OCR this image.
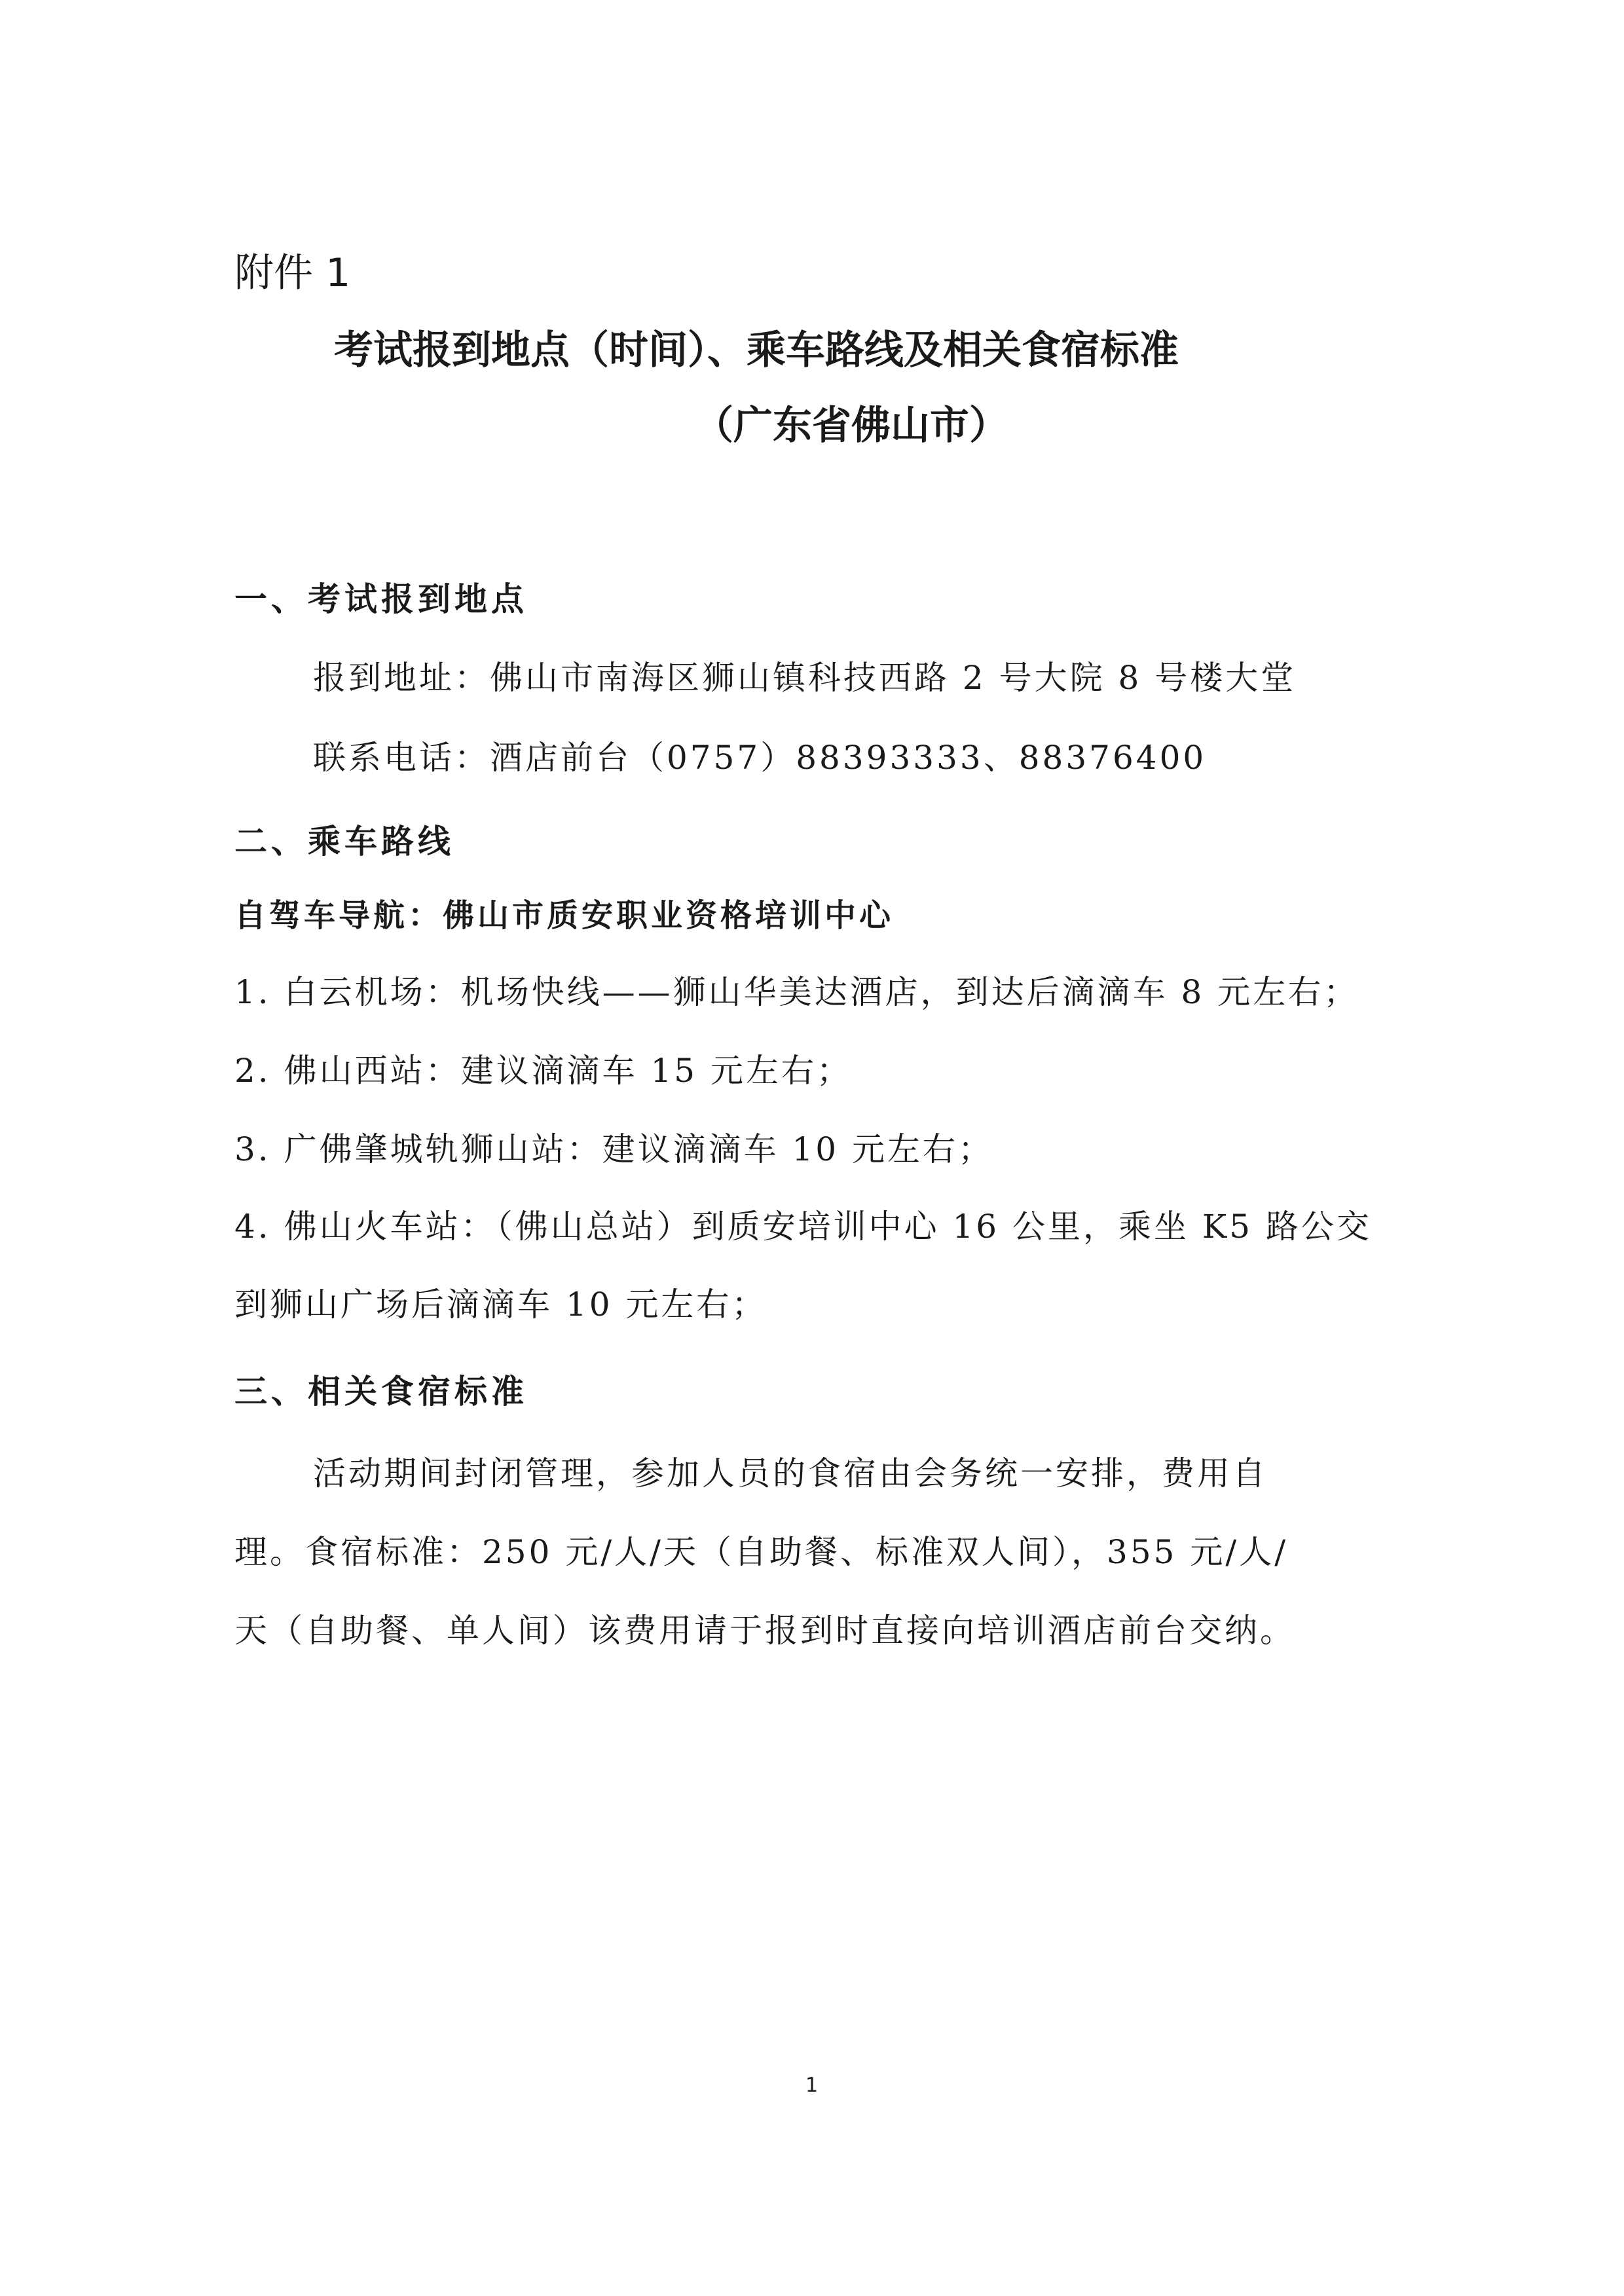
附件 1
考试报到地点（时间）、乘车路线及相关食宿标准
（广东省佛山市）
一、考试报到地点
报到地址：佛山市南海区狮山镇科技西路 2 号大院 8 号楼大堂
联系电话：酒店前台（0757）88393333、88376400
二、乘车路线
自驾车导航：佛山市质安职业资格培训中心
1. 白云机场：机场快线——狮山华美达酒店，到达后滴滴车 8 元左右；
2. 佛山西站：建议滴滴车 15 元左右；
3. 广佛肇城轨狮山站：建议滴滴车 10 元左右；
4. 佛山火车站：（佛山总站）到质安培训中心 16 公里，乘坐 K5 路公交
到狮山广场后滴滴车 10 元左右；
三、相关食宿标准
活动期间封闭管理，参加人员的食宿由会务统一安排，费用自
理。食宿标准：250 元/人/天（自助餐、标准双人间），355 元/人/
天（自助餐、单人间）该费用请于报到时直接向培训酒店前台交纳。
1
